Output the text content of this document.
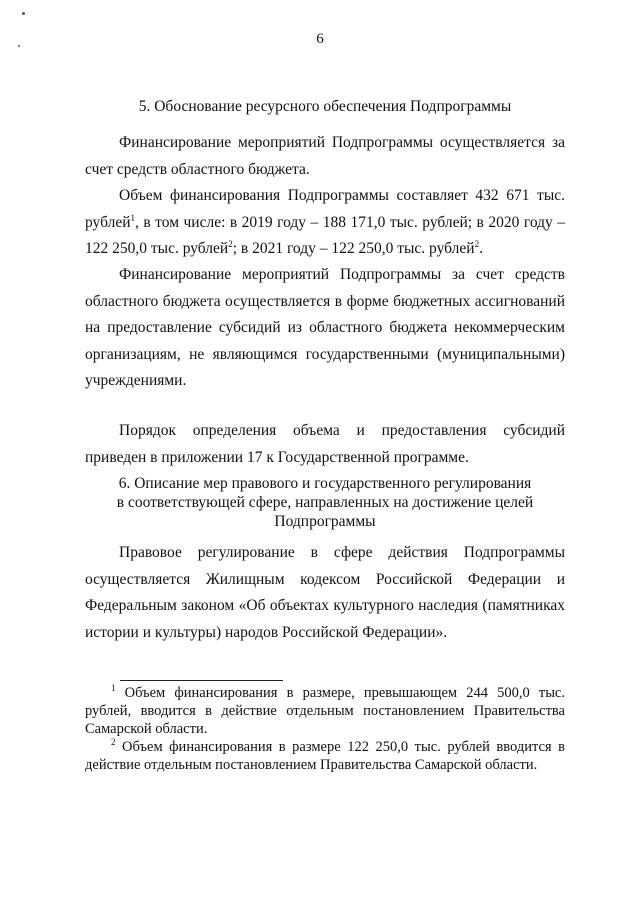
6
5. Обоснование ресурсного обеспечения Подпрограммы

Финансирование мероприятий Подпрограммы осуществляется за счет средств областного бюджета.

Объем финансирования Подпрограммы составляет 432 671 тыс. рублей$^1$, в том числе: в 2019 году – 188 171,0 тыс. рублей; в 2020 году – 122 250,0 тыс. рублей$^2$; в 2021 году – 122 250,0 тыс. рублей$^2$.

Финансирование мероприятий Подпрограммы за счет средств областного бюджета осуществляется в форме бюджетных ассигнований на предоставление субсидий из областного бюджета некоммерческим организациям, не являющимся государственными (муниципальными) учреждениями.

Порядок определения объема и предоставления субсидий приведен в приложении 17 к Государственной программе.

6. Описание мер правового и государственного регулирования
в соответствующей сфере, направленных на достижение целей
Подпрограммы

Правовое регулирование в сфере действия Подпрограммы осуществляется Жилищным кодексом Российской Федерации и Федеральным законом «Об объектах культурного наследия (памятниках истории и культуры) народов Российской Федерации».

$^1$ Объем финансирования в размере, превышающем 244 500,0 тыс. рублей, вводится в действие отдельным постановлением Правительства Самарской области.

$^2$ Объем финансирования в размере 122 250,0 тыс. рублей вводится в действие отдельным постановлением Правительства Самарской области.
